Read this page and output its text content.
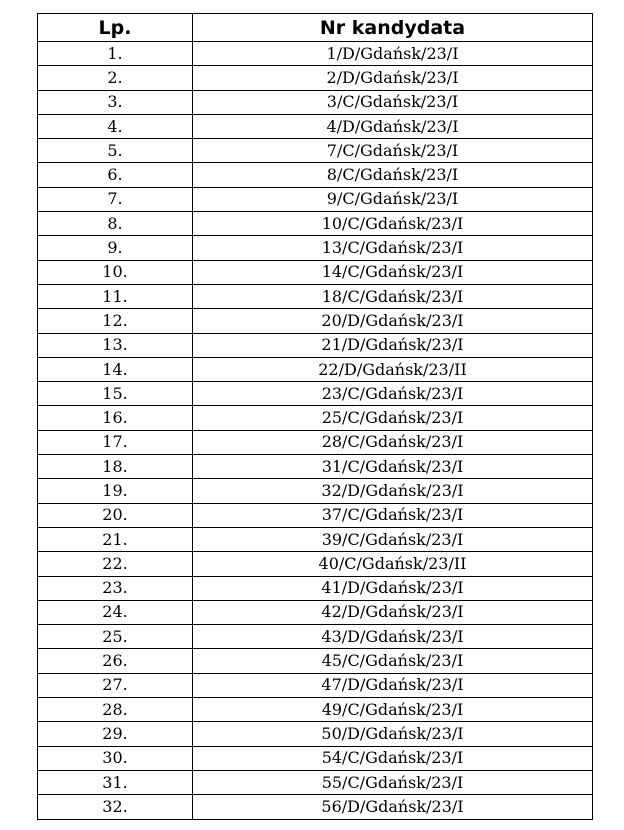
Lp.	Nr kandydata
1.	1/D/Gdańsk/23/I
2.	2/D/Gdańsk/23/I
3.	3/C/Gdańsk/23/I
4.	4/D/Gdańsk/23/I
5.	7/C/Gdańsk/23/I
6.	8/C/Gdańsk/23/I
7.	9/C/Gdańsk/23/I
8.	10/C/Gdańsk/23/I
9.	13/C/Gdańsk/23/I
10.	14/C/Gdańsk/23/I
11.	18/C/Gdańsk/23/I
12.	20/D/Gdańsk/23/I
13.	21/D/Gdańsk/23/I
14.	22/D/Gdańsk/23/II
15.	23/C/Gdańsk/23/I
16.	25/C/Gdańsk/23/I
17.	28/C/Gdańsk/23/I
18.	31/C/Gdańsk/23/I
19.	32/D/Gdańsk/23/I
20.	37/C/Gdańsk/23/I
21.	39/C/Gdańsk/23/I
22.	40/C/Gdańsk/23/II
23.	41/D/Gdańsk/23/I
24.	42/D/Gdańsk/23/I
25.	43/D/Gdańsk/23/I
26.	45/C/Gdańsk/23/I
27.	47/D/Gdańsk/23/I
28.	49/C/Gdańsk/23/I
29.	50/D/Gdańsk/23/I
30.	54/C/Gdańsk/23/I
31.	55/C/Gdańsk/23/I
32.	56/D/Gdańsk/23/I
